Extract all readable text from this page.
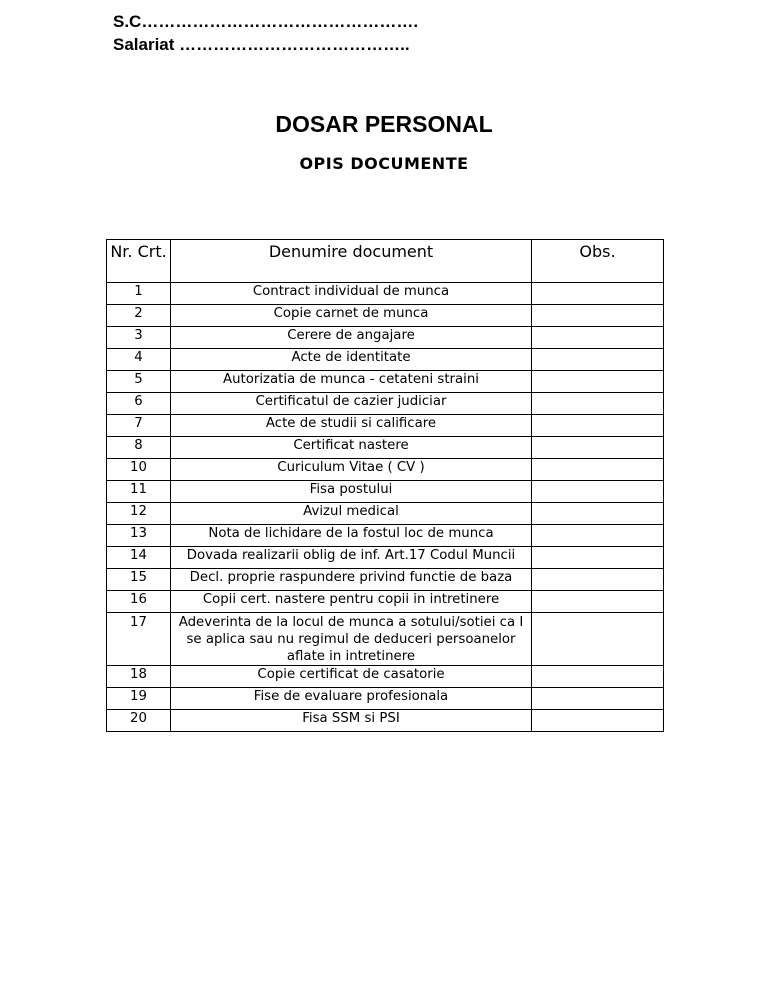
S.C………………………………………….
Salariat …………………………………..
DOSAR PERSONAL
OPIS DOCUMENTE
Nr. Crt.	Denumire document	Obs.
1	Contract individual de munca	
2	Copie carnet de munca	
3	Cerere de angajare	
4	Acte de identitate	
5	Autorizatia de munca - cetateni straini	
6	Certificatul de cazier judiciar	
7	Acte de studii si calificare	
8	Certificat nastere	
10	Curiculum Vitae ( CV )	
11	Fisa postului	
12	Avizul medical	
13	Nota de lichidare de la fostul loc de munca	
14	Dovada realizarii oblig de inf. Art.17 Codul Muncii	
15	Decl. proprie raspundere privind functie de baza	
16	Copii cert. nastere pentru copii in intretinere	
17	Adeverinta de la locul de munca a sotului/sotiei ca I se aplica sau nu regimul de deduceri persoanelor aflate in intretinere	
18	Copie certificat de casatorie	
19	Fise de evaluare profesionala	
20	Fisa SSM si PSI	
